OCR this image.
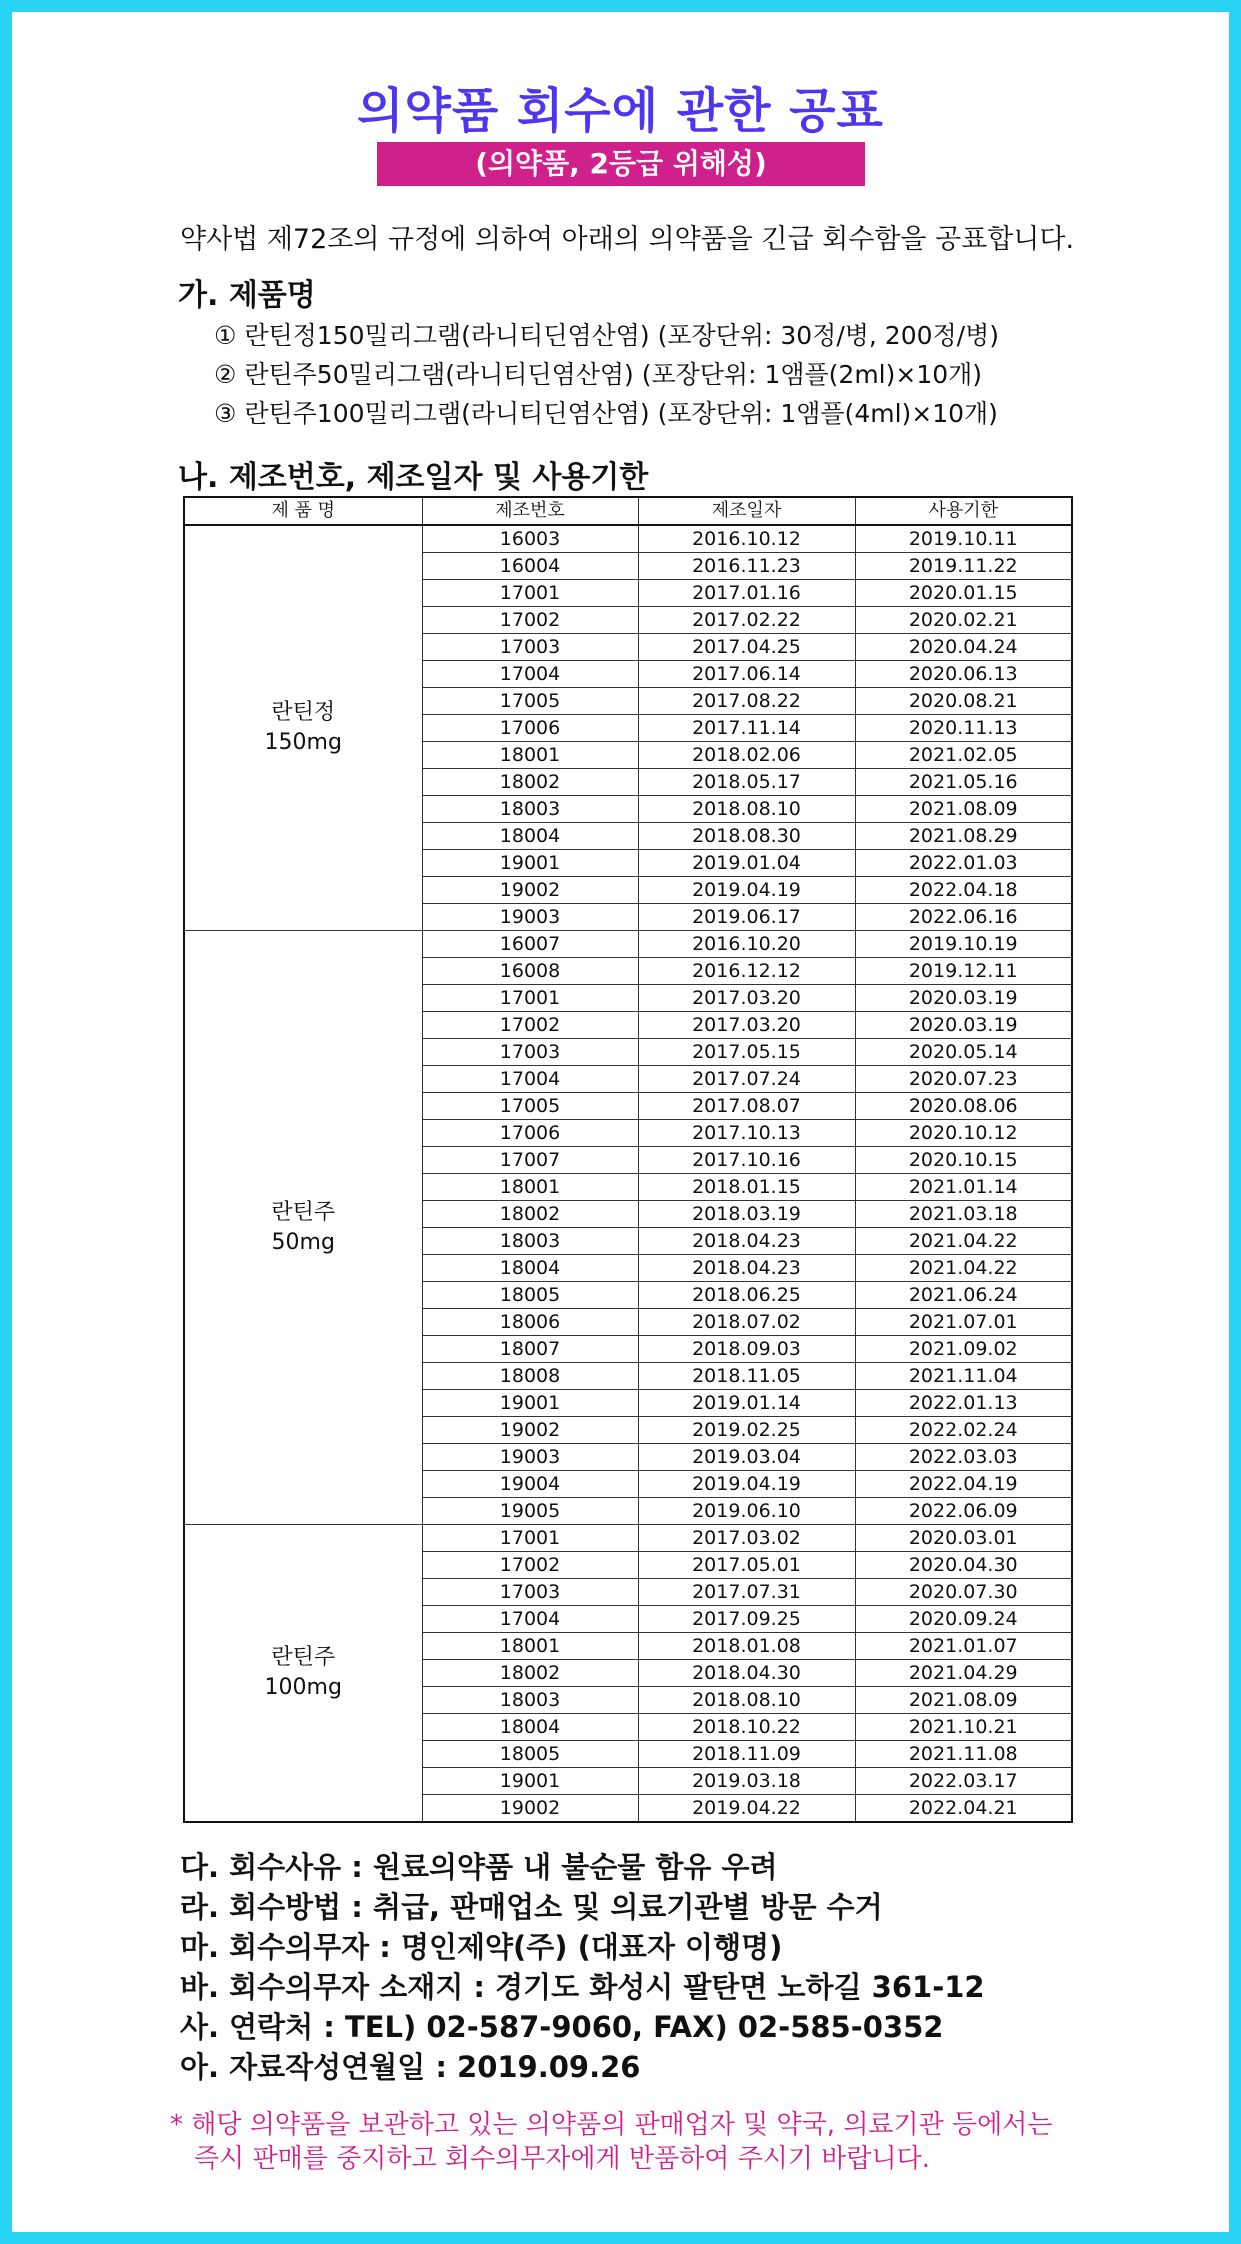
의약품 회수에 관한 공표
(의약품, 2등급 위해성)
약사법 제72조의 규정에 의하여 아래의 의약품을 긴급 회수함을 공표합니다.
가. 제품명
① 란틴정150밀리그램(라니티딘염산염) (포장단위: 30정/병, 200정/병)
② 란틴주50밀리그램(라니티딘염산염) (포장단위: 1앰플(2ml)×10개)
③ 란틴주100밀리그램(라니티딘염산염) (포장단위: 1앰플(4ml)×10개)
나. 제조번호, 제조일자 및 사용기한
제 품 명	제조번호	제조일자	사용기한

란틴정
150mg	16003	2016.10.12	2019.10.11
	16004	2016.11.23	2019.11.22
	17001	2017.01.16	2020.01.15
	17002	2017.02.22	2020.02.21
	17003	2017.04.25	2020.04.24
	17004	2017.06.14	2020.06.13
	17005	2017.08.22	2020.08.21
	17006	2017.11.14	2020.11.13
	18001	2018.02.06	2021.02.05
	18002	2018.05.17	2021.05.16
	18003	2018.08.10	2021.08.09
	18004	2018.08.30	2021.08.29
	19001	2019.01.04	2022.01.03
	19002	2019.04.19	2022.04.18
	19003	2019.06.17	2022.06.16

란틴주
50mg	16007	2016.10.20	2019.10.19
	16008	2016.12.12	2019.12.11
	17001	2017.03.20	2020.03.19
	17002	2017.03.20	2020.03.19
	17003	2017.05.15	2020.05.14
	17004	2017.07.24	2020.07.23
	17005	2017.08.07	2020.08.06
	17006	2017.10.13	2020.10.12
	17007	2017.10.16	2020.10.15
	18001	2018.01.15	2021.01.14
	18002	2018.03.19	2021.03.18
	18003	2018.04.23	2021.04.22
	18004	2018.04.23	2021.04.22
	18005	2018.06.25	2021.06.24
	18006	2018.07.02	2021.07.01
	18007	2018.09.03	2021.09.02
	18008	2018.11.05	2021.11.04
	19001	2019.01.14	2022.01.13
	19002	2019.02.25	2022.02.24
	19003	2019.03.04	2022.03.03
	19004	2019.04.19	2022.04.19
	19005	2019.06.10	2022.06.09

란틴주
100mg	17001	2017.03.02	2020.03.01
	17002	2017.05.01	2020.04.30
	17003	2017.07.31	2020.07.30
	17004	2017.09.25	2020.09.24
	18001	2018.01.08	2021.01.07
	18002	2018.04.30	2021.04.29
	18003	2018.08.10	2021.08.09
	18004	2018.10.22	2021.10.21
	18005	2018.11.09	2021.11.08
	19001	2019.03.18	2022.03.17
	19002	2019.04.22	2022.04.21
다. 회수사유 : 원료의약품 내 불순물 함유 우려
라. 회수방법 : 취급, 판매업소 및 의료기관별 방문 수거
마. 회수의무자 : 명인제약(주) (대표자 이행명)
바. 회수의무자 소재지 : 경기도 화성시 팔탄면 노하길 361-12
사. 연락처 : TEL) 02-587-9060, FAX) 02-585-0352
아. 자료작성연월일 : 2019.09.26
* 해당 의약품을 보관하고 있는 의약품의 판매업자 및 약국, 의료기관 등에서는
즉시 판매를 중지하고 회수의무자에게 반품하여 주시기 바랍니다.
